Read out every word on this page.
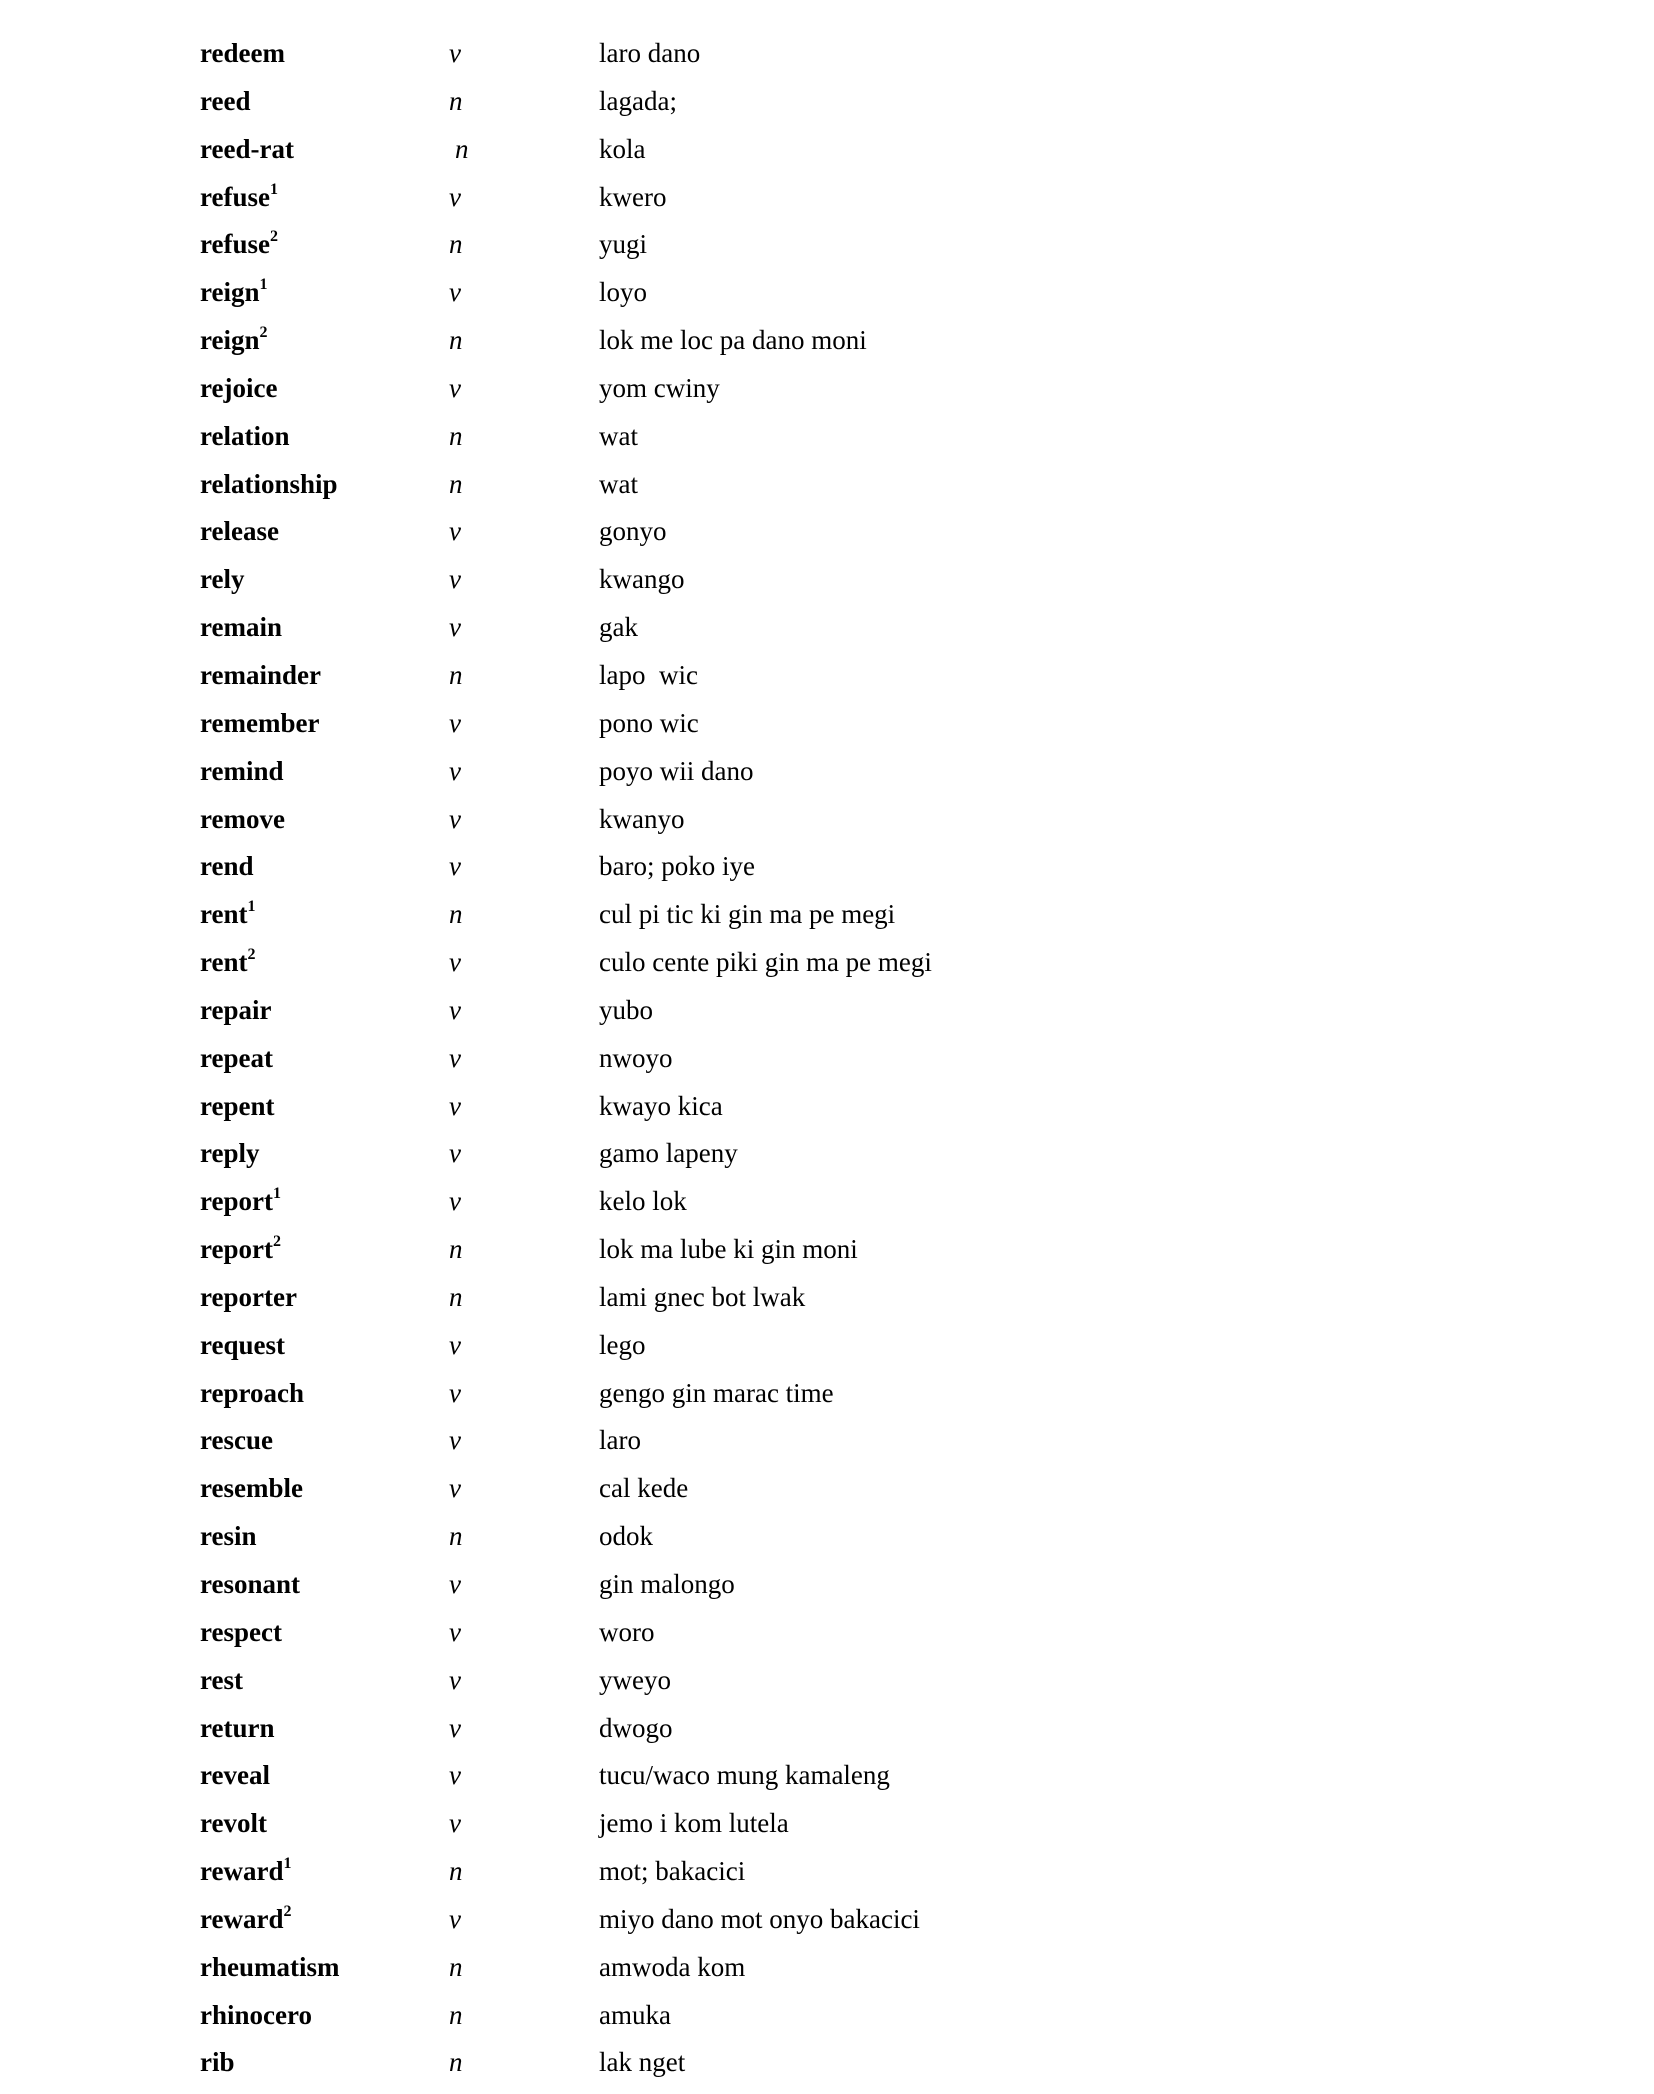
redeem	v	laro dano
reed	n	lagada;
reed-rat	n	kola
refuse$^1$	v	kwero
refuse$^2$	n	yugi
reign$^1$	v	loyo
reign$^2$	n	lok me loc pa dano moni
rejoice	v	yom cwiny
relation	n	wat
relationship	n	wat
release	v	gonyo
rely	v	kwango
remain	v	gak
remainder	n	lapo  wic
remember	v	pono wic
remind	v	poyo wii dano
remove	v	kwanyo
rend	v	baro; poko iye
rent$^1$	n	cul pi tic ki gin ma pe megi
rent$^2$	v	culo cente piki gin ma pe megi
repair	v	yubo
repeat	v	nwoyo
repent	v	kwayo kica
reply	v	gamo lapeny
report$^1$	v	kelo lok
report$^2$	n	lok ma lube ki gin moni
reporter	n	lami gnec bot lwak
request	v	lego
reproach	v	gengo gin marac time
rescue	v	laro
resemble	v	cal kede
resin	n	odok
resonant	v	gin malongo
respect	v	woro
rest	v	yweyo
return	v	dwogo
reveal	v	tucu/waco mung kamaleng
revolt	v	jemo i kom lutela
reward$^1$	n	mot; bakacici
reward$^2$	v	miyo dano mot onyo bakacici
rheumatism	n	amwoda kom
rhinocero	n	amuka
rib	n	lak nget
